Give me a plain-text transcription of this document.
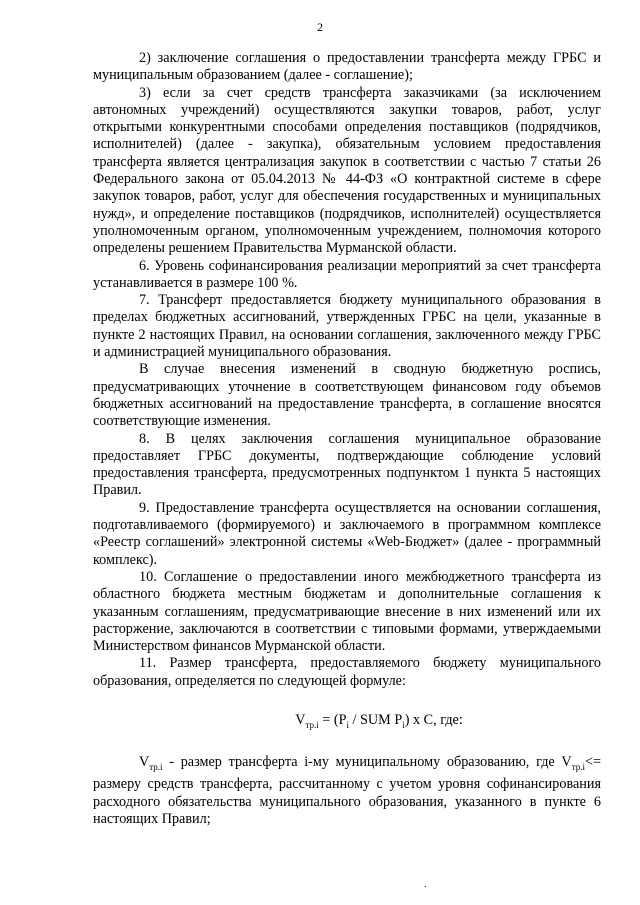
2

2) заключение соглашения о предоставлении трансферта между ГРБС и муниципальным образованием (далее - соглашение);

3) если за счет средств трансферта заказчиками (за исключением автономных учреждений) осуществляются закупки товаров, работ, услуг открытыми конкурентными способами определения поставщиков (подрядчиков, исполнителей) (далее - закупка), обязательным условием предоставления трансферта является централизация закупок в соответствии с частью 7 статьи 26 Федерального закона от 05.04.2013 № 44-ФЗ «О контрактной системе в сфере закупок товаров, работ, услуг для обеспечения государственных и муниципальных нужд», и определение поставщиков (подрядчиков, исполнителей) осуществляется уполномоченным органом, уполномоченным учреждением, полномочия которого определены решением Правительства Мурманской области.

6. Уровень софинансирования реализации мероприятий за счет трансферта устанавливается в размере 100 %.

7. Трансферт предоставляется бюджету муниципального образования в пределах бюджетных ассигнований, утвержденных ГРБС на цели, указанные в пункте 2 настоящих Правил, на основании соглашения, заключенного между ГРБС и администрацией муниципального образования.

В случае внесения изменений в сводную бюджетную роспись, предусматривающих уточнение в соответствующем финансовом году объемов бюджетных ассигнований на предоставление трансферта, в соглашение вносятся соответствующие изменения.

8. В целях заключения соглашения муниципальное образование предоставляет ГРБС документы, подтверждающие соблюдение условий предоставления трансферта, предусмотренных подпунктом 1 пункта 5 настоящих Правил.

9. Предоставление трансферта осуществляется на основании соглашения, подготавливаемого (формируемого) и заключаемого в программном комплексе «Реестр соглашений» электронной системы «Web-Бюджет» (далее - программный комплекс).

10. Соглашение о предоставлении иного межбюджетного трансферта из областного бюджета местным бюджетам и дополнительные соглашения к указанным соглашениям, предусматривающие внесение в них изменений или их расторжение, заключаются в соответствии с типовыми формами, утверждаемыми Министерством финансов Мурманской области.

11. Размер трансферта, предоставляемого бюджету муниципального образования, определяется по следующей формуле:

$V_{тр.i} = (P_i$ / SUM $P_i$) x C, где:

$V_{тр.i}$ - размер трансферта i-му муниципальному образованию, где $V_{тр.i}<=$ размеру средств трансферта, рассчитанному с учетом уровня софинансирования расходного обязательства муниципального образования, указанного в пункте 6 настоящих Правил;

.
